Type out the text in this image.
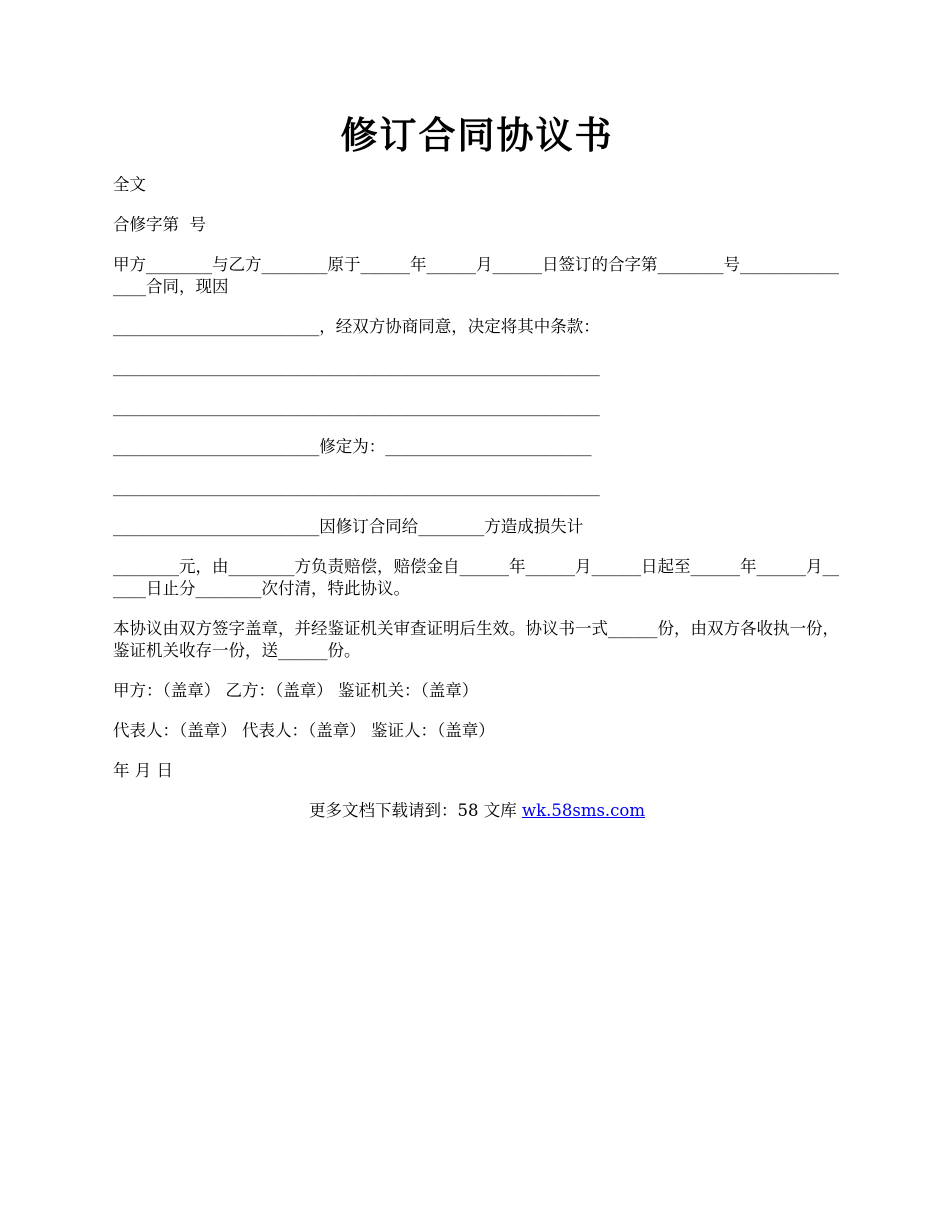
修订合同协议书

全文

合修字第  号

甲方________与乙方________原于______年______月______日签订的合字第________号________________合同，现因

_________________________，经双方协商同意，决定将其中条款：

___________________________________________________________

___________________________________________________________

_________________________修定为：_________________________

___________________________________________________________

_________________________因修订合同给________方造成损失计

________元，由________方负责赔偿，赔偿金自______年______月______日起至______年______月______日止分________次付清，特此协议。

本协议由双方签字盖章，并经鉴证机关审查证明后生效。协议书一式______份，由双方各收执一份，鉴证机关收存一份，送______份。

甲方：（盖章） 乙方：（盖章） 鉴证机关：（盖章）

代表人：（盖章） 代表人：（盖章） 鉴证人：（盖章）

年 月 日

更多文档下载请到：58 文库 wk.58sms.com
